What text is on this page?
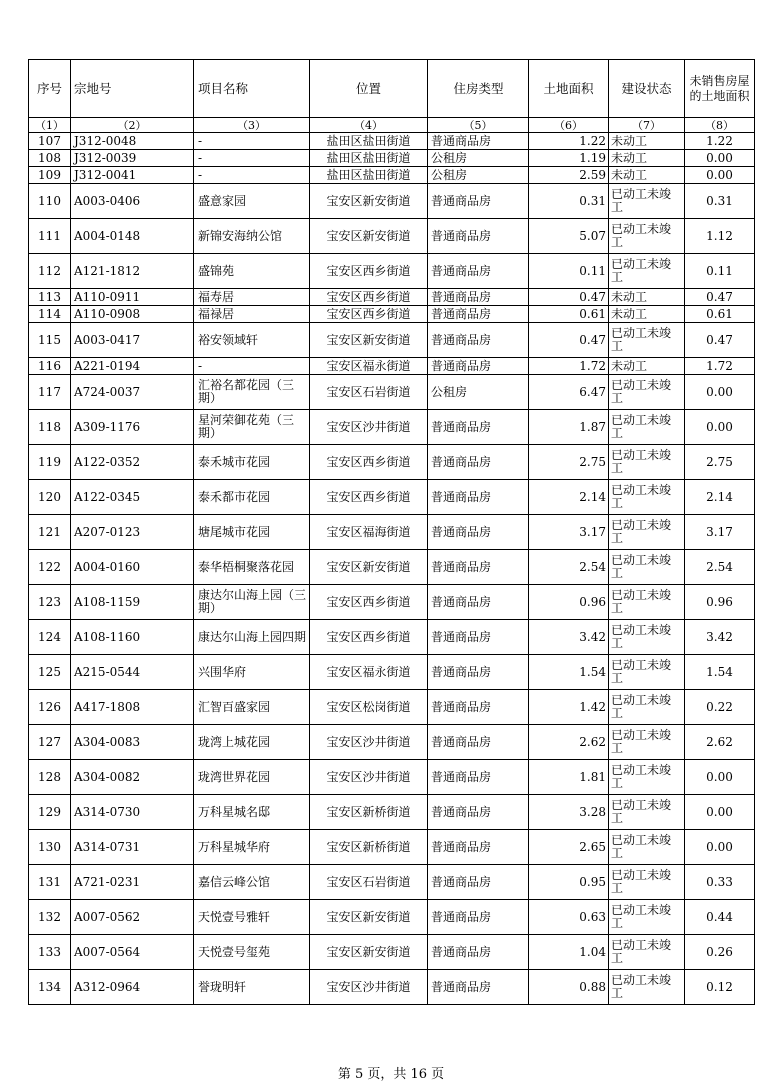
序号	宗地号	项目名称	位置	住房类型	土地面积	建设状态	未销售房屋的土地面积
（1）	（2）	（3）	（4）	（5）	（6）	（7）	（8）
107	J312-0048	-	盐田区盐田街道	普通商品房	1.22	未动工	1.22
108	J312-0039	-	盐田区盐田街道	公租房	1.19	未动工	0.00
109	J312-0041	-	盐田区盐田街道	公租房	2.59	未动工	0.00
110	A003-0406	盛意家园	宝安区新安街道	普通商品房	0.31	已动工未竣工	0.31
111	A004-0148	新锦安海纳公馆	宝安区新安街道	普通商品房	5.07	已动工未竣工	1.12
112	A121-1812	盛锦苑	宝安区西乡街道	普通商品房	0.11	已动工未竣工	0.11
113	A110-0911	福寿居	宝安区西乡街道	普通商品房	0.47	未动工	0.47
114	A110-0908	福禄居	宝安区西乡街道	普通商品房	0.61	未动工	0.61
115	A003-0417	裕安领域轩	宝安区新安街道	普通商品房	0.47	已动工未竣工	0.47
116	A221-0194	-	宝安区福永街道	普通商品房	1.72	未动工	1.72
117	A724-0037	汇裕名都花园（三期）	宝安区石岩街道	公租房	6.47	已动工未竣工	0.00
118	A309-1176	星河荣御花苑（三期）	宝安区沙井街道	普通商品房	1.87	已动工未竣工	0.00
119	A122-0352	泰禾城市花园	宝安区西乡街道	普通商品房	2.75	已动工未竣工	2.75
120	A122-0345	泰禾都市花园	宝安区西乡街道	普通商品房	2.14	已动工未竣工	2.14
121	A207-0123	塘尾城市花园	宝安区福海街道	普通商品房	3.17	已动工未竣工	3.17
122	A004-0160	泰华梧桐聚落花园	宝安区新安街道	普通商品房	2.54	已动工未竣工	2.54
123	A108-1159	康达尔山海上园（三期）	宝安区西乡街道	普通商品房	0.96	已动工未竣工	0.96
124	A108-1160	康达尔山海上园四期	宝安区西乡街道	普通商品房	3.42	已动工未竣工	3.42
125	A215-0544	兴围华府	宝安区福永街道	普通商品房	1.54	已动工未竣工	1.54
126	A417-1808	汇智百盛家园	宝安区松岗街道	普通商品房	1.42	已动工未竣工	0.22
127	A304-0083	珑湾上城花园	宝安区沙井街道	普通商品房	2.62	已动工未竣工	2.62
128	A304-0082	珑湾世界花园	宝安区沙井街道	普通商品房	1.81	已动工未竣工	0.00
129	A314-0730	万科星城名邸	宝安区新桥街道	普通商品房	3.28	已动工未竣工	0.00
130	A314-0731	万科星城华府	宝安区新桥街道	普通商品房	2.65	已动工未竣工	0.00
131	A721-0231	嘉信云峰公馆	宝安区石岩街道	普通商品房	0.95	已动工未竣工	0.33
132	A007-0562	天悦壹号雅轩	宝安区新安街道	普通商品房	0.63	已动工未竣工	0.44
133	A007-0564	天悦壹号玺苑	宝安区新安街道	普通商品房	1.04	已动工未竣工	0.26
134	A312-0964	誉珑明轩	宝安区沙井街道	普通商品房	0.88	已动工未竣工	0.12
第 5 页，共 16 页
